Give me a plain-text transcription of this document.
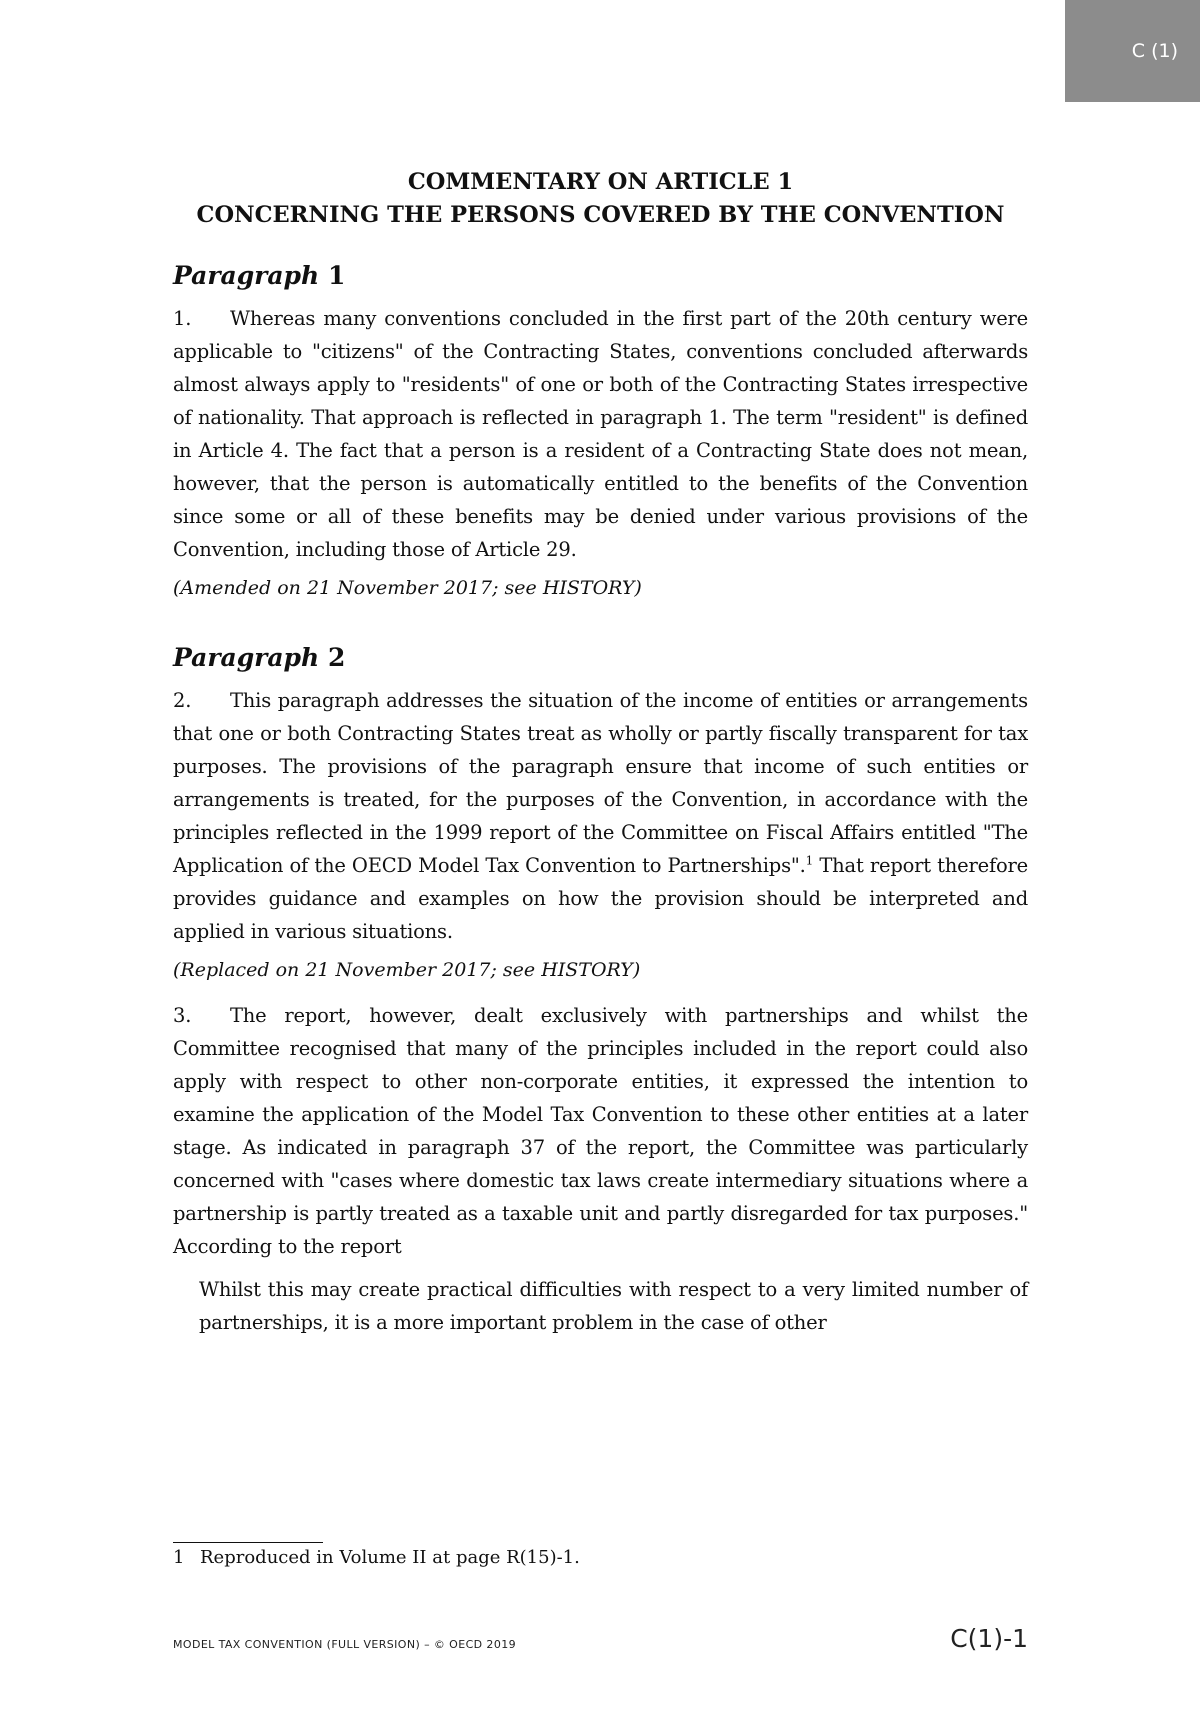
C (1)
COMMENTARY ON ARTICLE 1
CONCERNING THE PERSONS COVERED BY THE CONVENTION
Paragraph 1

1. Whereas many conventions concluded in the first part of the 20th century were applicable to "citizens" of the Contracting States, conventions concluded afterwards almost always apply to "residents" of one or both of the Contracting States irrespective of nationality. That approach is reflected in paragraph 1. The term "resident" is defined in Article 4. The fact that a person is a resident of a Contracting State does not mean, however, that the person is automatically entitled to the benefits of the Convention since some or all of these benefits may be denied under various provisions of the Convention, including those of Article 29.

(Amended on 21 November 2017; see HISTORY)
Paragraph 2

2. This paragraph addresses the situation of the income of entities or arrangements that one or both Contracting States treat as wholly or partly fiscally transparent for tax purposes. The provisions of the paragraph ensure that income of such entities or arrangements is treated, for the purposes of the Convention, in accordance with the principles reflected in the 1999 report of the Committee on Fiscal Affairs entitled "The Application of the OECD Model Tax Convention to Partnerships".$^1$ That report therefore provides guidance and examples on how the provision should be interpreted and applied in various situations.

(Replaced on 21 November 2017; see HISTORY)

3. The report, however, dealt exclusively with partnerships and whilst the Committee recognised that many of the principles included in the report could also apply with respect to other non-corporate entities, it expressed the intention to examine the application of the Model Tax Convention to these other entities at a later stage. As indicated in paragraph 37 of the report, the Committee was particularly concerned with "cases where domestic tax laws create intermediary situations where a partnership is partly treated as a taxable unit and partly disregarded for tax purposes." According to the report

Whilst this may create practical difficulties with respect to a very limited number of partnerships, it is a more important problem in the case of other

1 Reproduced in Volume II at page R(15)-1.
MODEL TAX CONVENTION (FULL VERSION) – © OECD 2019	C(1)-1
